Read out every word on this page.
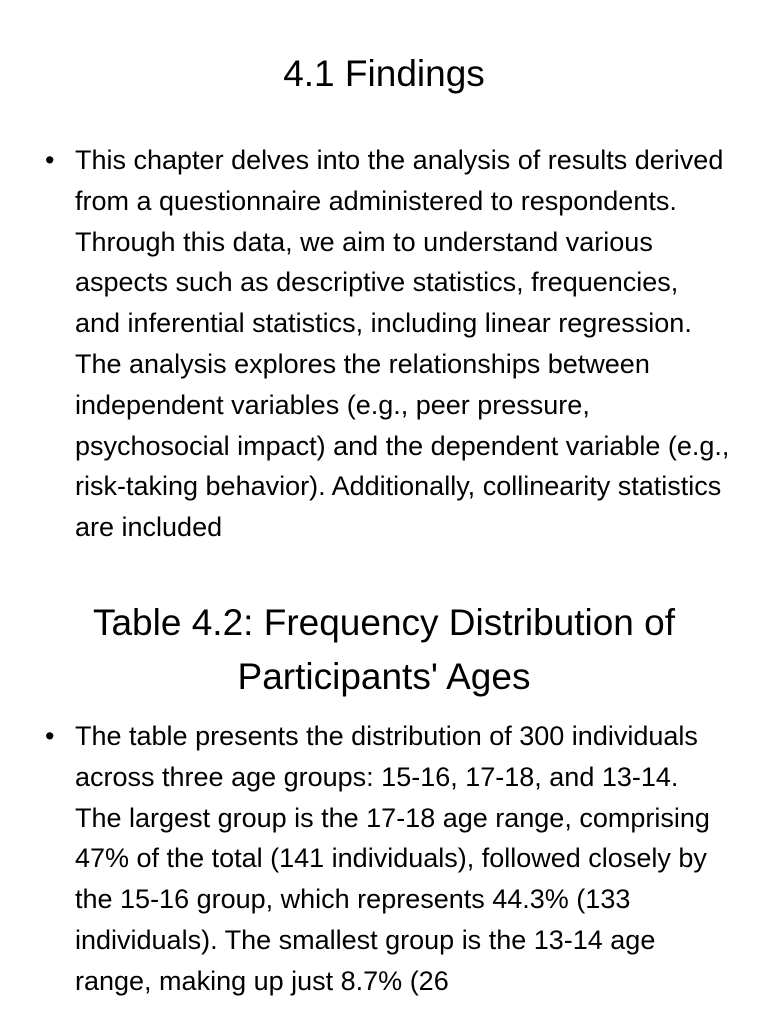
4.1 Findings
• This chapter delves into the analysis of results derived from a questionnaire administered to respondents. Through this data, we aim to understand various aspects such as descriptive statistics, frequencies, and inferential statistics, including linear regression. The analysis explores the relationships between independent variables (e.g., peer pressure, psychosocial impact) and the dependent variable (e.g., risk-taking behavior). Additionally, collinearity statistics are included
Table 4.2: Frequency Distribution of Participants' Ages
• The table presents the distribution of 300 individuals across three age groups: 15-16, 17-18, and 13-14. The largest group is the 17-18 age range, comprising 47% of the total (141 individuals), followed closely by the 15-16 group, which represents 44.3% (133 individuals). The smallest group is the 13-14 age range, making up just 8.7% (26
